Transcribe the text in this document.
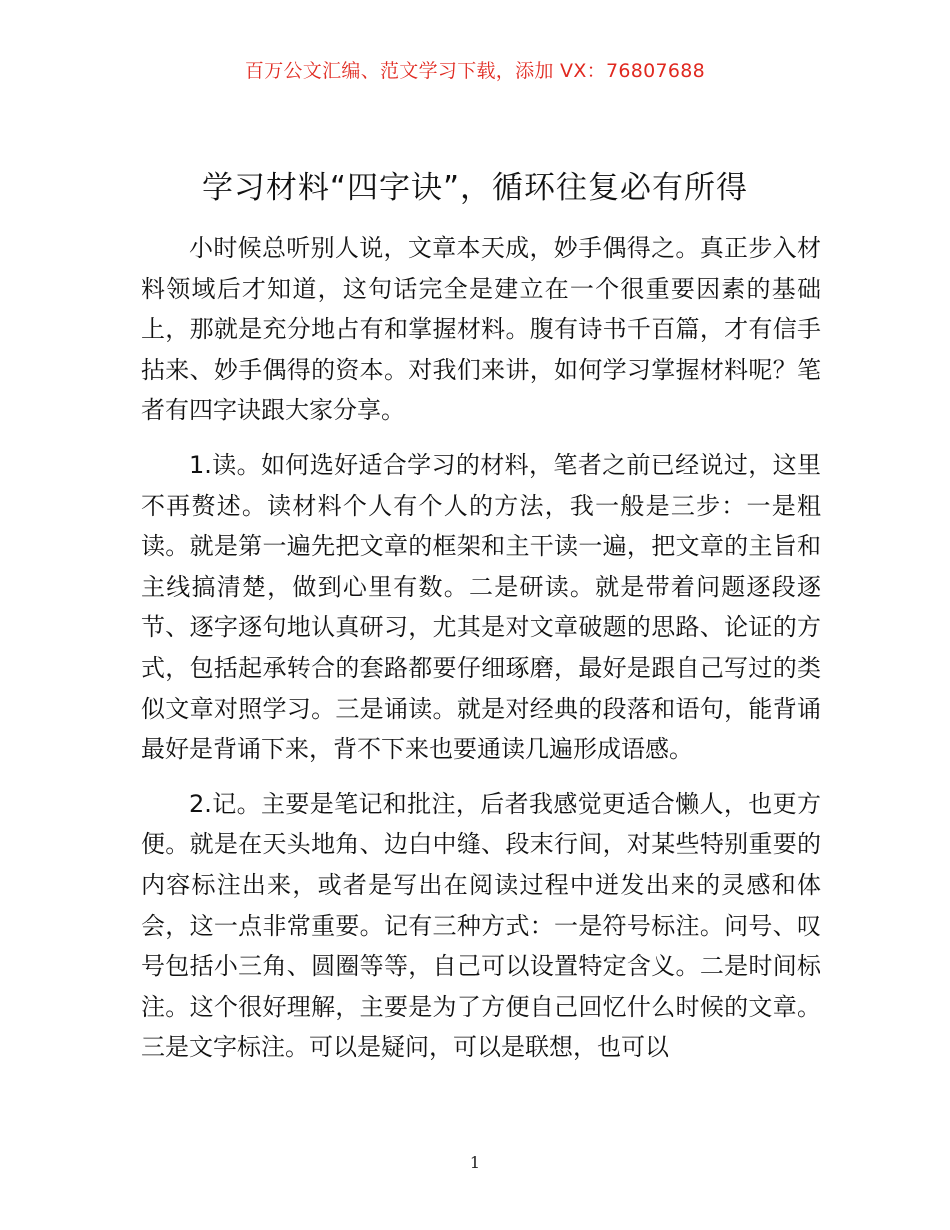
百万公文汇编、范文学习下载，添加 VX：76807688
学习材料“四字诀”，循环往复必有所得

小时候总听别人说，文章本天成，妙手偶得之。真正步入材料领域后才知道，这句话完全是建立在一个很重要因素的基础上，那就是充分地占有和掌握材料。腹有诗书千百篇，才有信手拈来、妙手偶得的资本。对我们来讲，如何学习掌握材料呢？笔者有四字诀跟大家分享。

1.读。如何选好适合学习的材料，笔者之前已经说过，这里不再赘述。读材料个人有个人的方法，我一般是三步：一是粗读。就是第一遍先把文章的框架和主干读一遍，把文章的主旨和主线搞清楚，做到心里有数。二是研读。就是带着问题逐段逐节、逐字逐句地认真研习，尤其是对文章破题的思路、论证的方式，包括起承转合的套路都要仔细琢磨，最好是跟自己写过的类似文章对照学习。三是诵读。就是对经典的段落和语句，能背诵最好是背诵下来，背不下来也要通读几遍形成语感。

2.记。主要是笔记和批注，后者我感觉更适合懒人，也更方便。就是在天头地角、边白中缝、段末行间，对某些特别重要的内容标注出来，或者是写出在阅读过程中迸发出来的灵感和体会，这一点非常重要。记有三种方式：一是符号标注。问号、叹号包括小三角、圆圈等等，自己可以设置特定含义。二是时间标注。这个很好理解，主要是为了方便自己回忆什么时候的文章。三是文字标注。可以是疑问，可以是联想，也可以

1
